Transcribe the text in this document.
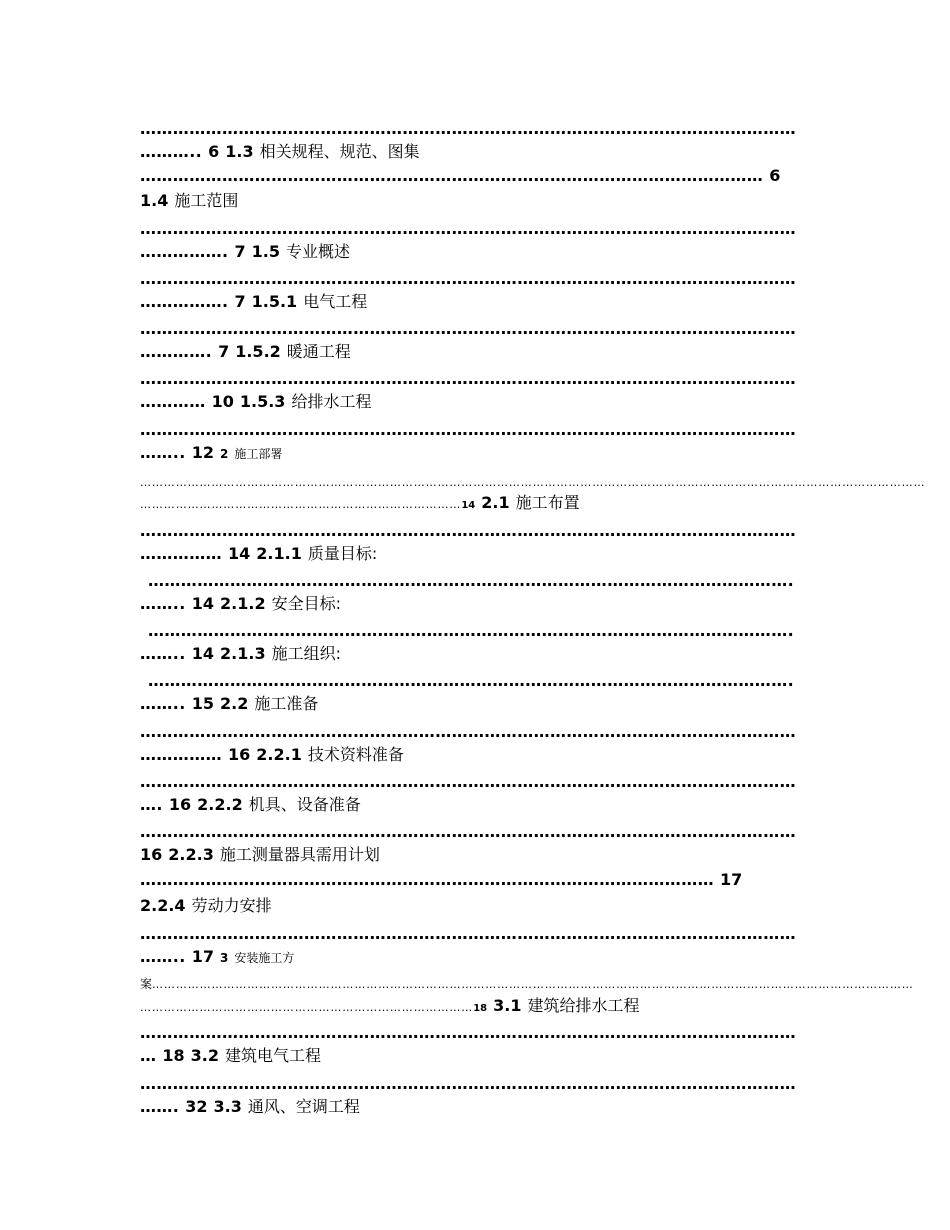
…………………………………………………………………………………………………………
……….. 6 1.3 相关规程、规范、图集
…………………………………………………………………………………………………… 6
1.4 施工范围
…………………………………………………………………………………………………………
……………. 7 1.5 专业概述
…………………………………………………………………………………………………………
……………. 7 1.5.1 电气工程
…………………………………………………………………………………………………………
…………. 7 1.5.2 暖通工程
…………………………………………………………………………………………………………
………… 10 1.5.3 给排水工程
…………………………………………………………………………………………………………
…….. 12 2 施工部署
………………………………………………………………………………………………………………………………………………………………………………
………………………………………………………………………14 2.1 施工布置
…………………………………………………………………………………………………………
…………… 14 2.1.1 质量目标:
……………………………………………………………………………………………………….
…….. 14 2.1.2 安全目标:
……………………………………………………………………………………………………….
…….. 14 2.1.3 施工组织:
……………………………………………………………………………………………………….
…….. 15 2.2 施工准备
…………………………………………………………………………………………………………
…………… 16 2.2.1 技术资料准备
…………………………………………………………………………………………………………
…. 16 2.2.2 机具、设备准备
…………………………………………………………………………………………………………
16 2.2.3 施工测量器具需用计划
…………………………………………………………………………………………… 17
2.2.4 劳动力安排
…………………………………………………………………………………………………………
…….. 17 3 安装施工方
案…………………………………………………………………………………………………………………………………………………………………………
…………………………………………………………………………18 3.1 建筑给排水工程
…………………………………………………………………………………………………………
… 18 3.2 建筑电气工程
…………………………………………………………………………………………………………
……. 32 3.3 通风、空调工程
